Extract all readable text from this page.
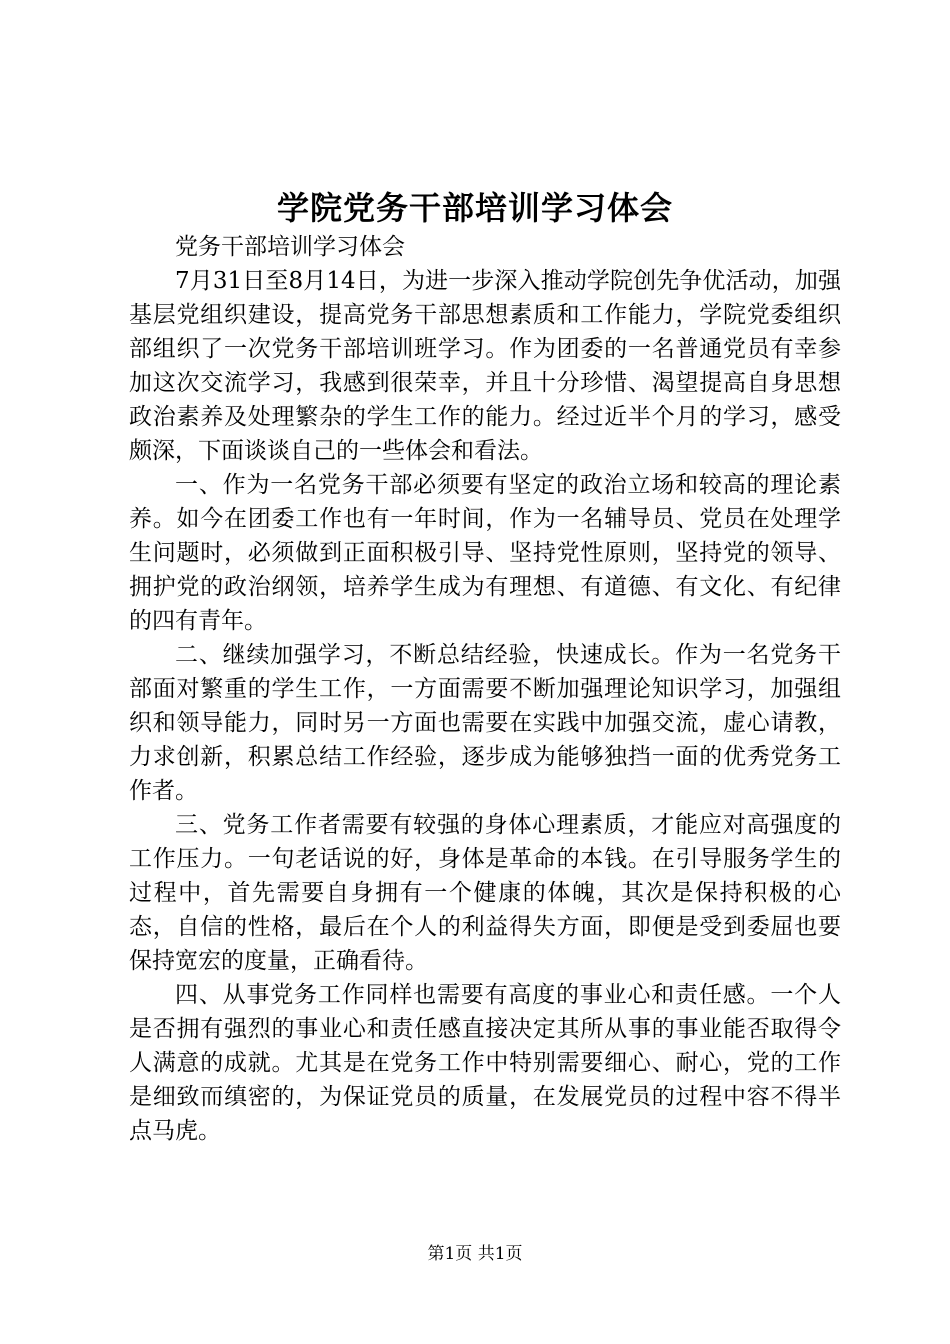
学院党务干部培训学习体会

党务干部培训学习体会

7月31日至8月14日，为进一步深入推动学院创先争优活动，加强基层党组织建设，提高党务干部思想素质和工作能力，学院党委组织部组织了一次党务干部培训班学习。作为团委的一名普通党员有幸参加这次交流学习，我感到很荣幸，并且十分珍惜、渴望提高自身思想政治素养及处理繁杂的学生工作的能力。经过近半个月的学习，感受颇深，下面谈谈自己的一些体会和看法。

一、作为一名党务干部必须要有坚定的政治立场和较高的理论素养。如今在团委工作也有一年时间，作为一名辅导员、党员在处理学生问题时，必须做到正面积极引导、坚持党性原则，坚持党的领导、拥护党的政治纲领，培养学生成为有理想、有道德、有文化、有纪律的四有青年。

二、继续加强学习，不断总结经验，快速成长。作为一名党务干部面对繁重的学生工作，一方面需要不断加强理论知识学习，加强组织和领导能力，同时另一方面也需要在实践中加强交流，虚心请教，力求创新，积累总结工作经验，逐步成为能够独挡一面的优秀党务工作者。

三、党务工作者需要有较强的身体心理素质，才能应对高强度的工作压力。一句老话说的好，身体是革命的本钱。在引导服务学生的过程中，首先需要自身拥有一个健康的体魄，其次是保持积极的心态，自信的性格，最后在个人的利益得失方面，即便是受到委屈也要保持宽宏的度量，正确看待。

四、从事党务工作同样也需要有高度的事业心和责任感。一个人是否拥有强烈的事业心和责任感直接决定其所从事的事业能否取得令人满意的成就。尤其是在党务工作中特别需要细心、耐心，党的工作是细致而缜密的，为保证党员的质量，在发展党员的过程中容不得半点马虎。

第1页 共1页
